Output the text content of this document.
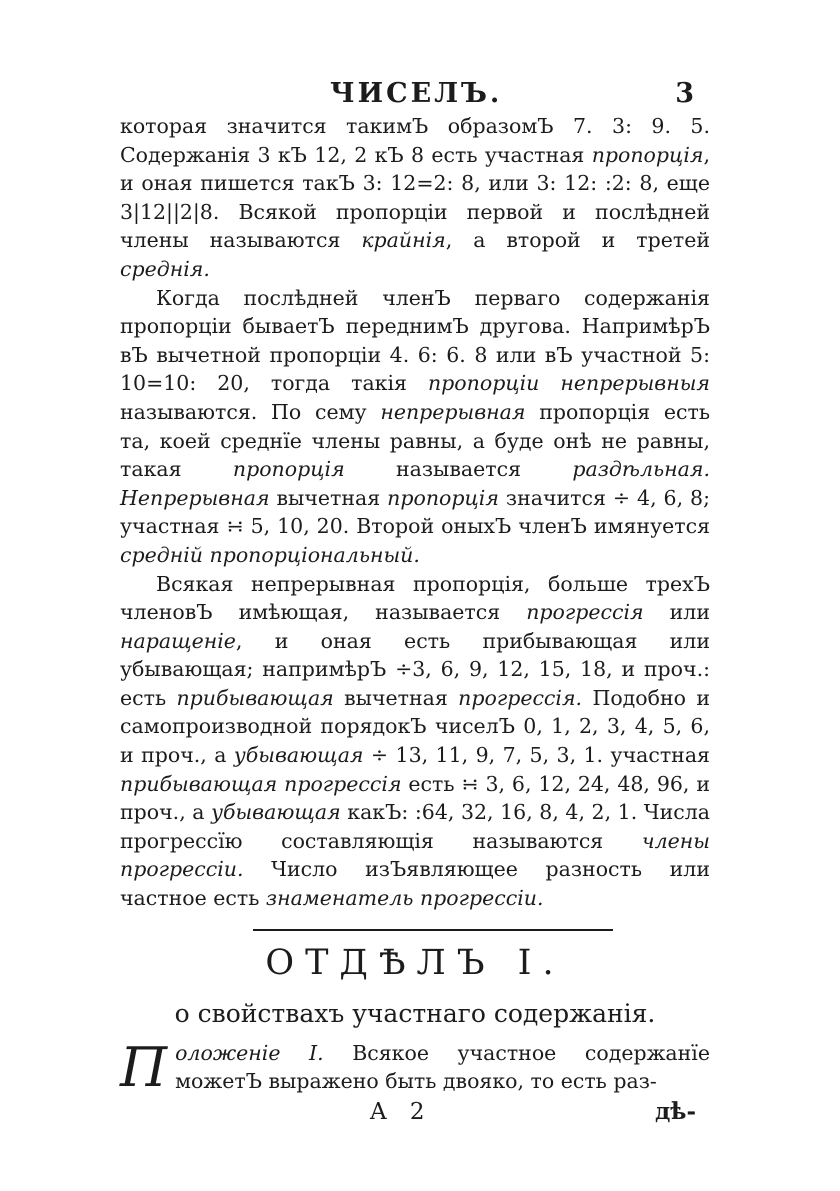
ЧИСЕЛЪ.	3

которая значится такимЪ образомЪ 7. 3: 9. 5. Содержанія 3 кЪ 12, 2 кЪ 8 есть участная пропорція, и оная пишется такЪ 3: 12=2: 8, или 3: 12: :2: 8, еще 3|12||2|8. Всякой пропорціи первой и послѣдней члены называются крайнія, а второй и третей среднія.

Когда послѣдней членЪ перваго содержанія пропорціи бываетЪ переднимЪ другова. НапримѣрЪ вЪ вычетной пропорціи 4. 6: 6. 8 или вЪ участной 5: 10=10: 20, тогда такія пропорціи непрерывныя называются. По сему непрерывная пропорція есть та, коей среднїе члены равны, а буде онѣ не равны, такая пропорція называется раздѣльная. Непрерывная вычетная пропорція значится ÷ 4, 6, 8; участная ∺ 5, 10, 20. Второй оныхЪ членЪ имянуется средній пропорціональный.

Всякая непрерывная пропорція, больше трехЪ членовЪ имѣющая, называется прогрессія или наращеніе, и оная есть прибывающая или убывающая; напримѣрЪ ÷3, 6, 9, 12, 15, 18, и проч.: есть прибывающая вычетная прогрессія. Подобно и самопроизводной порядокЪ чиселЪ 0, 1, 2, 3, 4, 5, 6, и проч., а убывающая ÷ 13, 11, 9, 7, 5, 3, 1. участная прибывающая прогрессія есть ∺ 3, 6, 12, 24, 48, 96, и проч., а убывающая какЪ: :64, 32, 16, 8, 4, 2, 1. Числа прогрессїю составляющія называются члены прогрессіи. Число изЪявляющее разность или частное есть знаменатель прогрессіи.

ОТДѢЛЪ I.
о свойствахъ участнаго содержанія.

П оложеніе I. Всякое участное содержанїе можетЪ выражено быть двояко, то есть раз-

A 2	дѣ-
